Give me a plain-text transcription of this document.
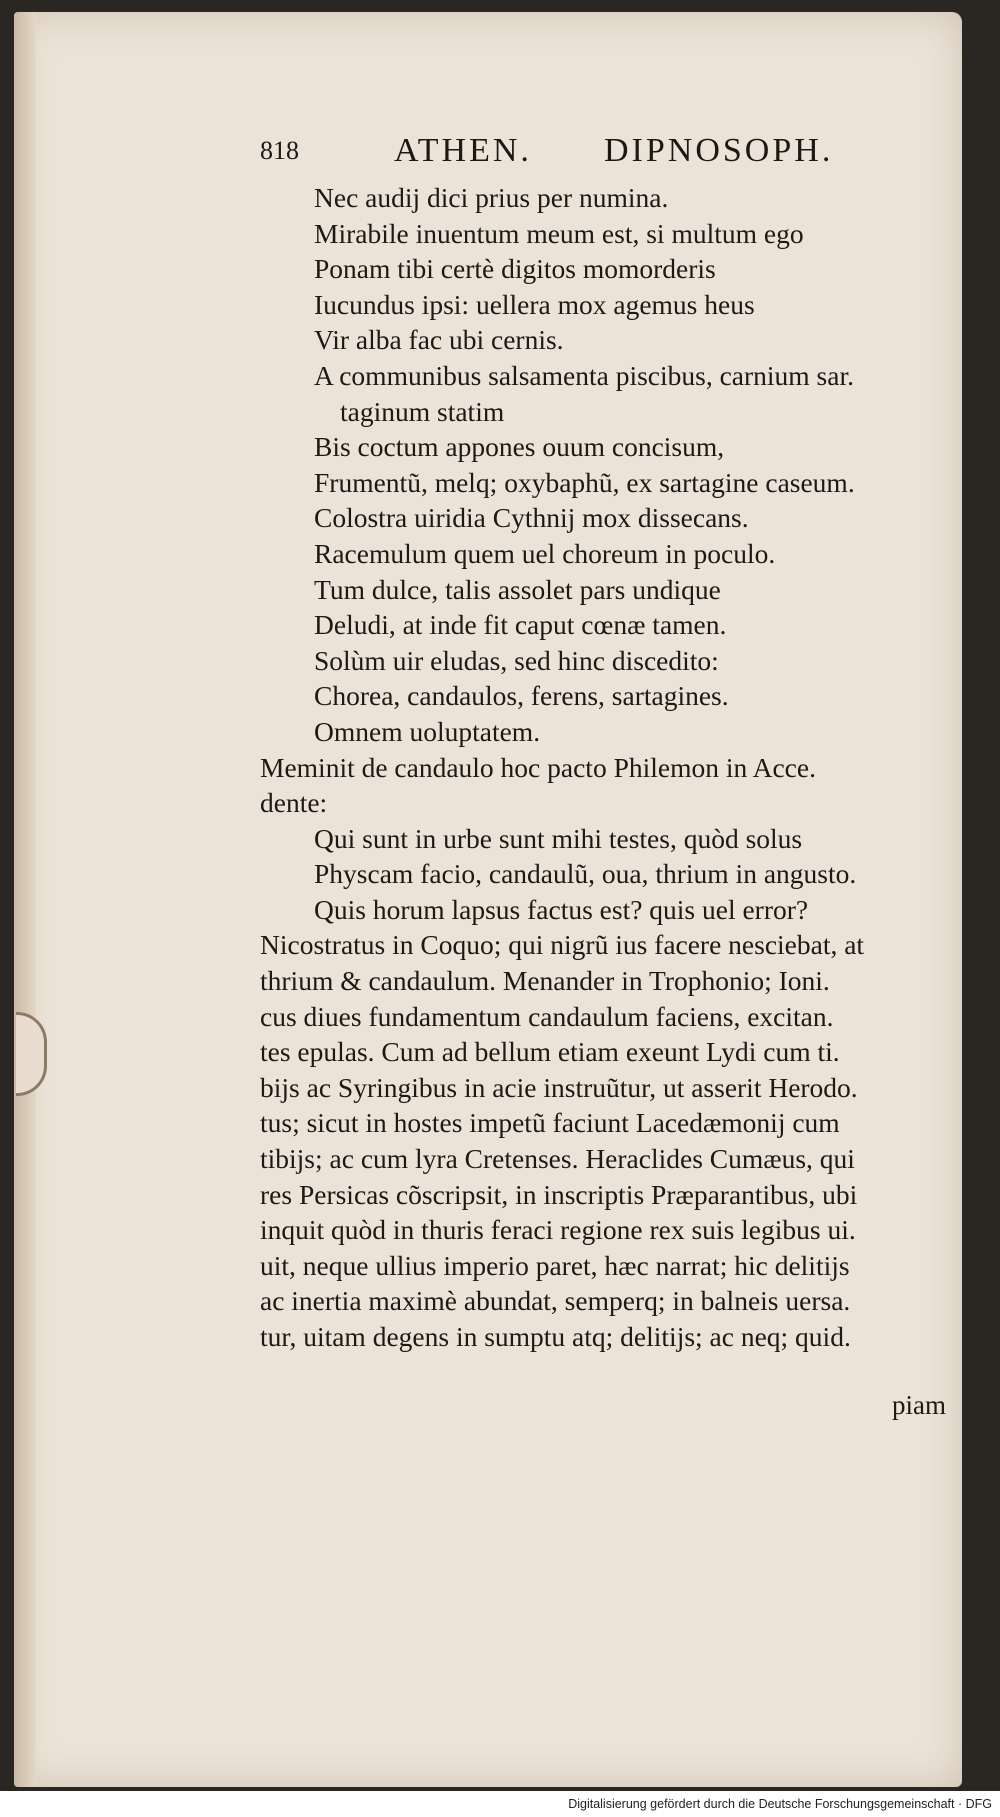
818	ATHEN. DIPNOSOPH.
Nec audij dici prius per numina.
Mirabile inuentum meum est, si multum ego
Ponam tibi certè digitos momorderis
Iucundus ipsi: uellera mox agemus heus
Vir alba fac ubi cernis.
A communibus salsamenta piscibus, carnium sar.
taginum statim
Bis coctum appones ouum concisum,
Frumentũ, melq; oxybaphũ, ex sartagine caseum.
Colostra uiridia Cythnij mox dissecans.
Racemulum quem uel choreum in poculo.
Tum dulce, talis assolet pars undique
Deludi, at inde fit caput cœnæ tamen.
Solùm uir eludas, sed hinc discedito:
Chorea, candaulos, ferens, sartagines.
Omnem uoluptatem.
Meminit de candaulo hoc pacto Philemon in Acce.
dente:
Qui sunt in urbe sunt mihi testes, quòd solus
Physcam facio, candaulũ, oua, thrium in angusto.
Quis horum lapsus factus est? quis uel error?
Nicostratus in Coquo; qui nigrũ ius facere nesciebat, at
thrium & candaulum. Menander in Trophonio; Ioni.
cus diues fundamentum candaulum faciens, excitan.
tes epulas. Cum ad bellum etiam exeunt Lydi cum ti.
bijs ac Syringibus in acie instruũtur, ut asserit Herodo.
tus; sicut in hostes impetũ faciunt Lacedæmonij cum
tibijs; ac cum lyra Cretenses. Heraclides Cumæus, qui
res Persicas cõscripsit, in inscriptis Præparantibus, ubi
inquit quòd in thuris feraci regione rex suis legibus ui.
uit, neque ullius imperio paret, hæc narrat; hic delitijs
ac inertia maximè abundat, semperq; in balneis uersa.
tur, uitam degens in sumptu atq; delitijs; ac neq; quid.
piam
Digitalisierung gefördert durch die Deutsche Forschungsgemeinschaft · DFG
